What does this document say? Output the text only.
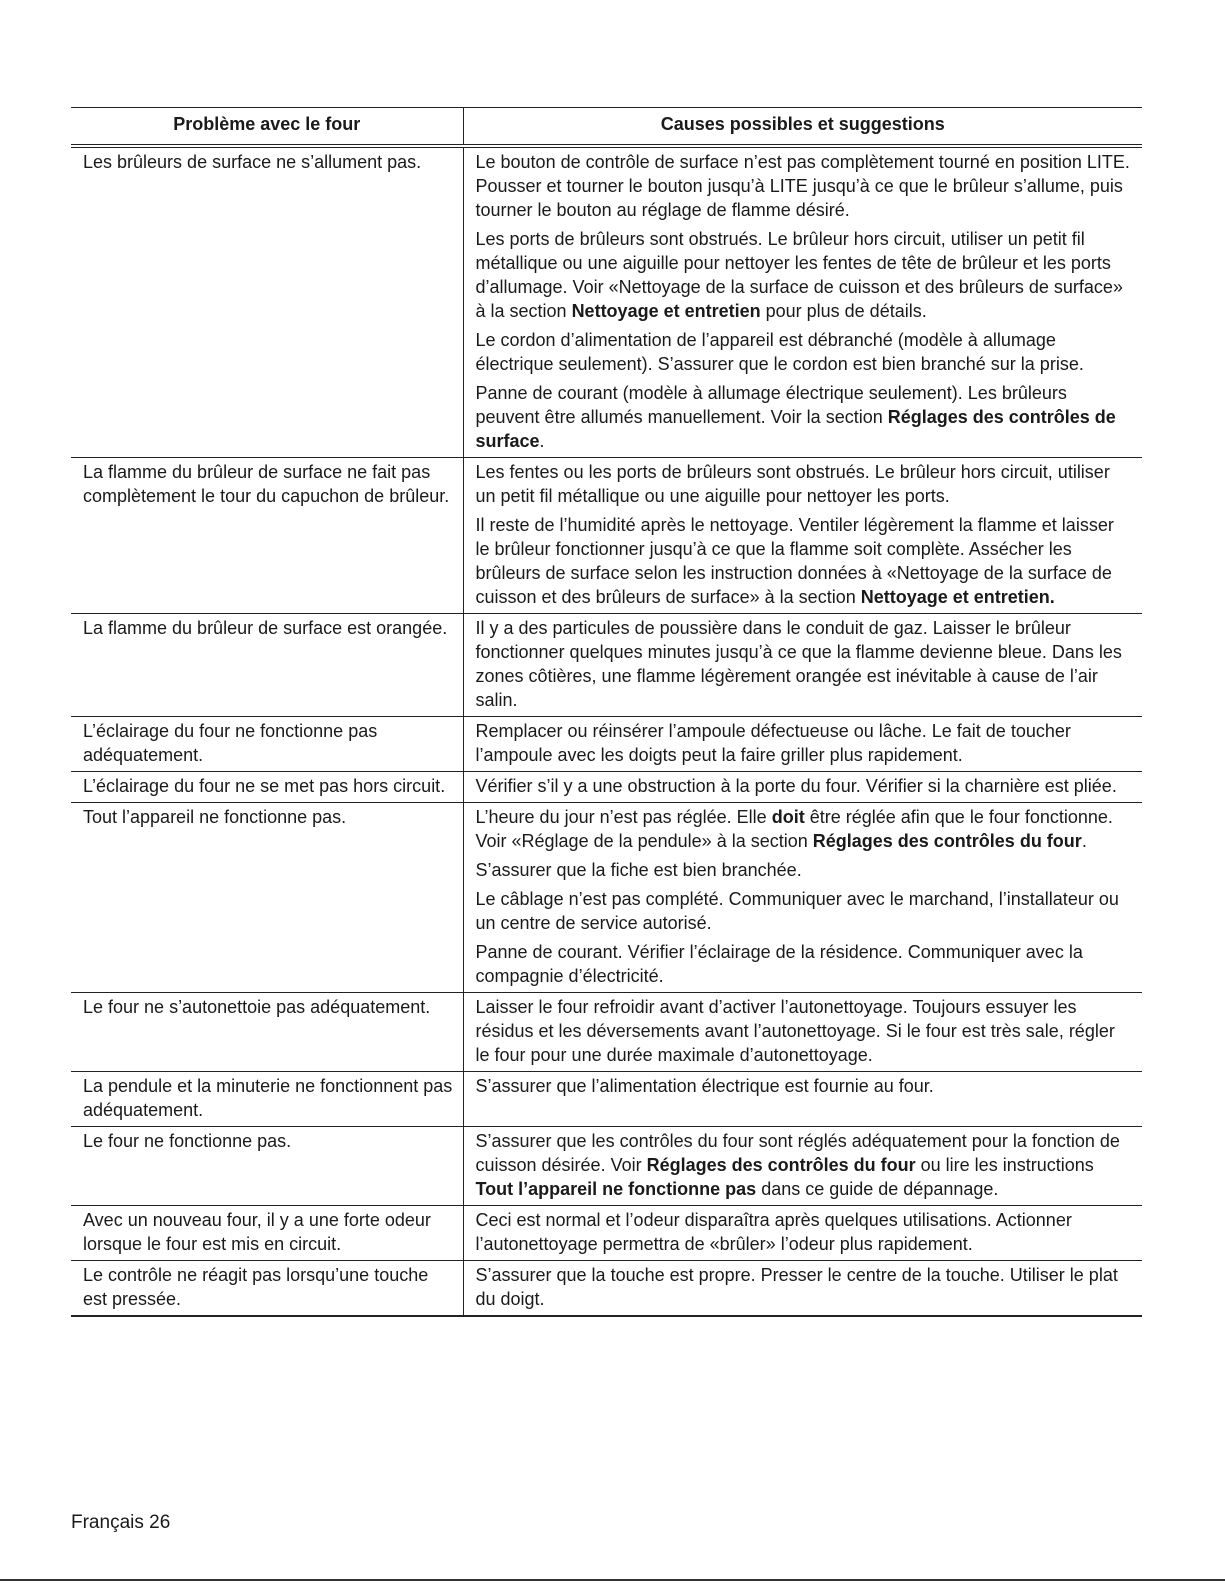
Problème avec le four	Causes possibles et suggestions
Les brûleurs de surface ne s’allument pas.	Le bouton de contrôle de surface n’est pas complètement tourné en position LITE. Pousser et tourner le bouton jusqu’à LITE jusqu’à ce que le brûleur s’allume, puis tourner le bouton au réglage de flamme désiré.
Les ports de brûleurs sont obstrués. Le brûleur hors circuit, utiliser un petit fil métallique ou une aiguille pour nettoyer les fentes de tête de brûleur et les ports d’allumage. Voir «Nettoyage de la surface de cuisson et des brûleurs de surface» à la section Nettoyage et entretien pour plus de détails.
Le cordon d’alimentation de l’appareil est débranché (modèle à allumage électrique seulement). S’assurer que le cordon est bien branché sur la prise.
Panne de courant (modèle à allumage électrique seulement). Les brûleurs peuvent être allumés manuellement. Voir la section Réglages des contrôles de surface.

La flamme du brûleur de surface ne fait pas complètement le tour du capuchon de brûleur.	Les fentes ou les ports de brûleurs sont obstrués. Le brûleur hors circuit, utiliser un petit fil métallique ou une aiguille pour nettoyer les ports.
Il reste de l’humidité après le nettoyage. Ventiler légèrement la flamme et laisser le brûleur fonctionner jusqu’à ce que la flamme soit complète. Assécher les brûleurs de surface selon les instruction données à «Nettoyage de la surface de cuisson et des brûleurs de surface» à la section Nettoyage et entretien.

La flamme du brûleur de surface est orangée.	Il y a des particules de poussière dans le conduit de gaz. Laisser le brûleur fonctionner quelques minutes jusqu’à ce que la flamme devienne bleue. Dans les zones côtières, une flamme légèrement orangée est inévitable à cause de l’air salin.

L’éclairage du four ne fonctionne pas adéquatement.	Remplacer ou réinsérer l’ampoule défectueuse ou lâche. Le fait de toucher l’ampoule avec les doigts peut la faire griller plus rapidement.

L’éclairage du four ne se met pas hors circuit.	Vérifier s’il y a une obstruction à la porte du four. Vérifier si la charnière est pliée.

Tout l’appareil ne fonctionne pas.	L’heure du jour n’est pas réglée. Elle doit être réglée afin que le four fonctionne. Voir «Réglage de la pendule» à la section Réglages des contrôles du four.
S’assurer que la fiche est bien branchée.
Le câblage n’est pas complété. Communiquer avec le marchand, l’installateur ou un centre de service autorisé.
Panne de courant. Vérifier l’éclairage de la résidence. Communiquer avec la compagnie d’électricité.

Le four ne s’autonettoie pas adéquatement.	Laisser le four refroidir avant d’activer l’autonettoyage. Toujours essuyer les résidus et les déversements avant l’autonettoyage. Si le four est très sale, régler le four pour une durée maximale d’autonettoyage.

La pendule et la minuterie ne fonctionnent pas adéquatement.	S’assurer que l’alimentation électrique est fournie au four.

Le four ne fonctionne pas.	S’assurer que les contrôles du four sont réglés adéquatement pour la fonction de cuisson désirée. Voir Réglages des contrôles du four ou lire les instructions Tout l’appareil ne fonctionne pas dans ce guide de dépannage.

Avec un nouveau four, il y a une forte odeur lorsque le four est mis en circuit.	Ceci est normal et l’odeur disparaîtra après quelques utilisations. Actionner l’autonettoyage permettra de «brûler» l’odeur plus rapidement.

Le contrôle ne réagit pas lorsqu’une touche est pressée.	S’assurer que la touche est propre. Presser le centre de la touche. Utiliser le plat du doigt.
Français 26
